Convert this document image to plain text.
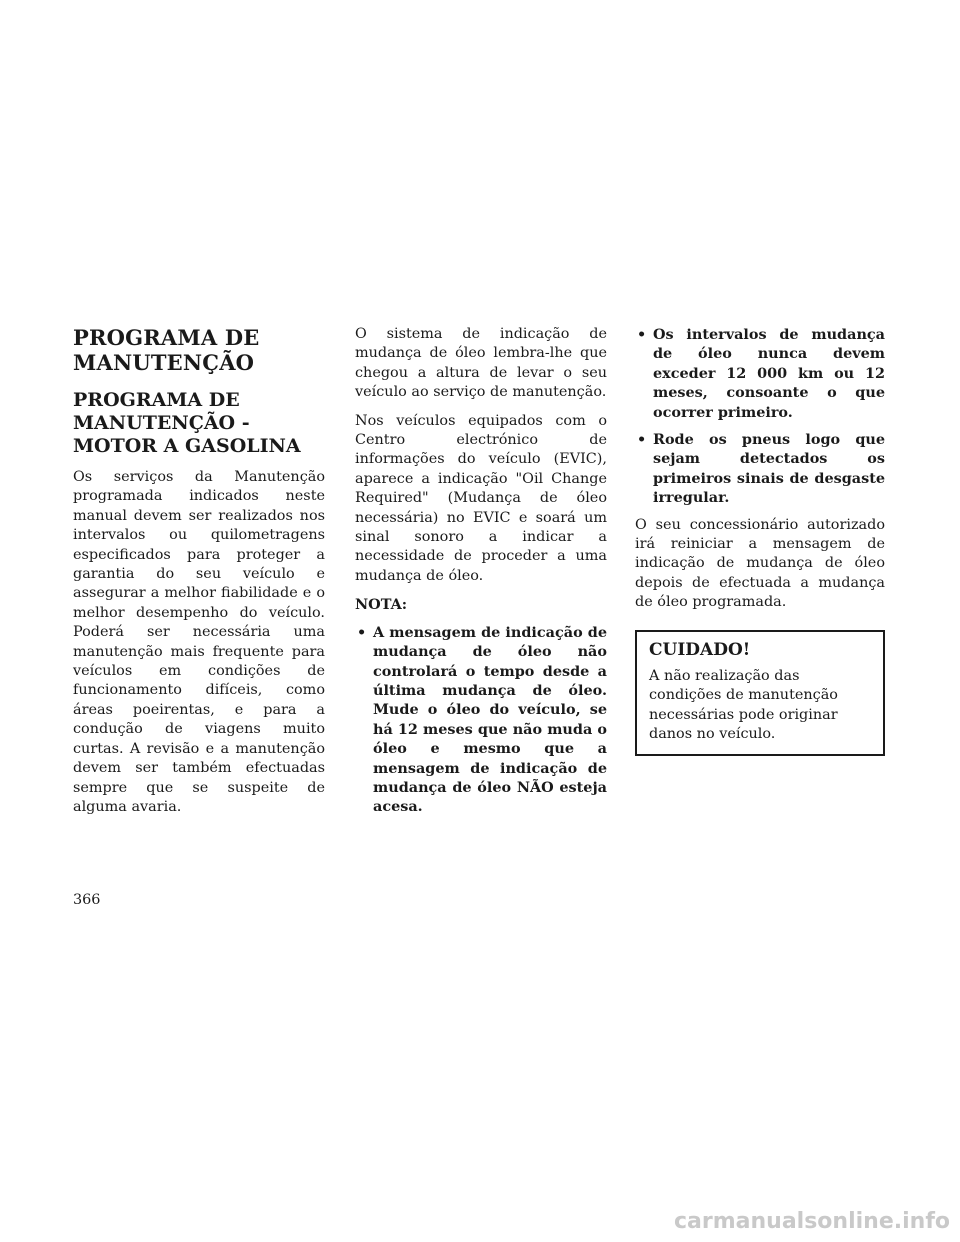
PROGRAMA DE MANUTENÇÃO
PROGRAMA DE MANUTENÇÃO - MOTOR A GASOLINA

Os serviços da Manutenção programada indicados neste manual devem ser realizados nos intervalos ou quilometragens especificados para proteger a garantia do seu veículo e assegurar a melhor fiabilidade e o melhor desempenho do veículo. Poderá ser necessária uma manutenção mais frequente para veículos em condições de funcionamento difíceis, como áreas poeirentas, e para a condução de viagens muito curtas. A revisão e a manutenção devem ser também efectuadas sempre que se suspeite de alguma avaria.

O sistema de indicação de mudança de óleo lembra-lhe que chegou a altura de levar o seu veículo ao serviço de manutenção.

Nos veículos equipados com o Centro electrónico de informações do veículo (EVIC), aparece a indicação "Oil Change Required" (Mudança de óleo necessária) no EVIC e soará um sinal sonoro a indicar a necessidade de proceder a uma mudança de óleo.

NOTA:

• A mensagem de indicação de mudança de óleo não controlará o tempo desde a última mudança de óleo. Mude o óleo do veículo, se há 12 meses que não muda o óleo e mesmo que a mensagem de indicação de mudança de óleo NÃO esteja acesa.
• Os intervalos de mudança de óleo nunca devem exceder 12 000 km ou 12 meses, consoante o que ocorrer primeiro.
• Rode os pneus logo que sejam detectados os primeiros sinais de desgaste irregular.

O seu concessionário autorizado irá reiniciar a mensagem de indicação de mudança de óleo depois de efectuada a mudança de óleo programada.

CUIDADO!

A não realização das condições de manutenção necessárias pode originar danos no veículo.

366
carmanualsonline.info
